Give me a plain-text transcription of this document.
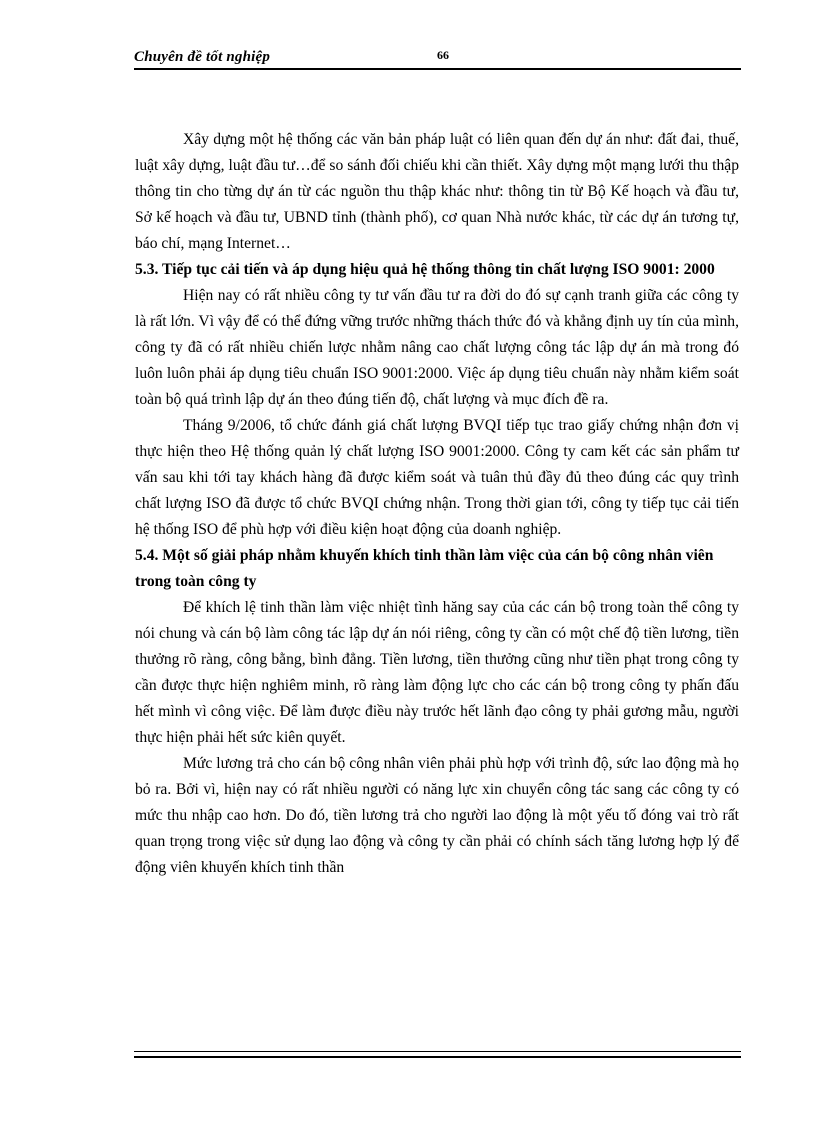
Chuyên đề tốt nghiệp	66

Xây dựng một hệ thống các văn bản pháp luật có liên quan đến dự án như: đất đai, thuế, luật xây dựng, luật đầu tư…để so sánh đối chiếu khi cần thiết. Xây dựng một mạng lưới thu thập thông tin cho từng dự án từ các nguồn thu thập khác như: thông tin từ Bộ Kế hoạch và đầu tư, Sở kế hoạch và đầu tư, UBND tỉnh (thành phố), cơ quan Nhà nước khác, từ các dự án tương tự, báo chí, mạng Internet…

5.3. Tiếp tục cải tiến và áp dụng hiệu quả hệ thống thông tin chất lượng ISO 9001: 2000

Hiện nay có rất nhiều công ty tư vấn đầu tư ra đời do đó sự cạnh tranh giữa các công ty là rất lớn. Vì vậy để có thể đứng vững trước những thách thức đó và khẳng định uy tín của mình, công ty đã có rất nhiều chiến lược nhằm nâng cao chất lượng công tác lập dự án mà trong đó luôn luôn phải áp dụng tiêu chuẩn ISO 9001:2000. Việc áp dụng tiêu chuẩn này nhằm kiểm soát toàn bộ quá trình lập dự án theo đúng tiến độ, chất lượng và mục đích đề ra.

Tháng 9/2006, tổ chức đánh giá chất lượng BVQI tiếp tục trao giấy chứng nhận đơn vị thực hiện theo Hệ thống quản lý chất lượng ISO 9001:2000. Công ty cam kết các sản phẩm tư vấn sau khi tới tay khách hàng đã được kiểm soát và tuân thủ đầy đủ theo đúng các quy trình chất lượng ISO đã được tổ chức BVQI chứng nhận. Trong thời gian tới, công ty tiếp tục cải tiến hệ thống ISO để phù hợp với điều kiện hoạt động của doanh nghiệp.

5.4. Một số giải pháp nhằm khuyến khích tinh thần làm việc của cán bộ công nhân viên trong toàn công ty

Để khích lệ tinh thần làm việc nhiệt tình hăng say của các cán bộ trong toàn thể công ty nói chung và cán bộ làm công tác lập dự án nói riêng, công ty cần có một chế độ tiền lương, tiền thưởng rõ ràng, công bằng, bình đẳng. Tiền lương, tiền thưởng cũng như tiền phạt trong công ty cần được thực hiện nghiêm minh, rõ ràng làm động lực cho các cán bộ trong công ty phấn đấu hết mình vì công việc. Để làm được điều này trước hết lãnh đạo công ty phải gương mẫu, người thực hiện phải hết sức kiên quyết.

Mức lương trả cho cán bộ công nhân viên phải phù hợp với trình độ, sức lao động mà họ bỏ ra. Bởi vì, hiện nay có rất nhiều người có năng lực xin chuyển công tác sang các công ty có mức thu nhập cao hơn. Do đó, tiền lương trả cho người lao động là một yếu tố đóng vai trò rất quan trọng trong việc sử dụng lao động và công ty cần phải có chính sách tăng lương hợp lý để động viên khuyến khích tinh thần
